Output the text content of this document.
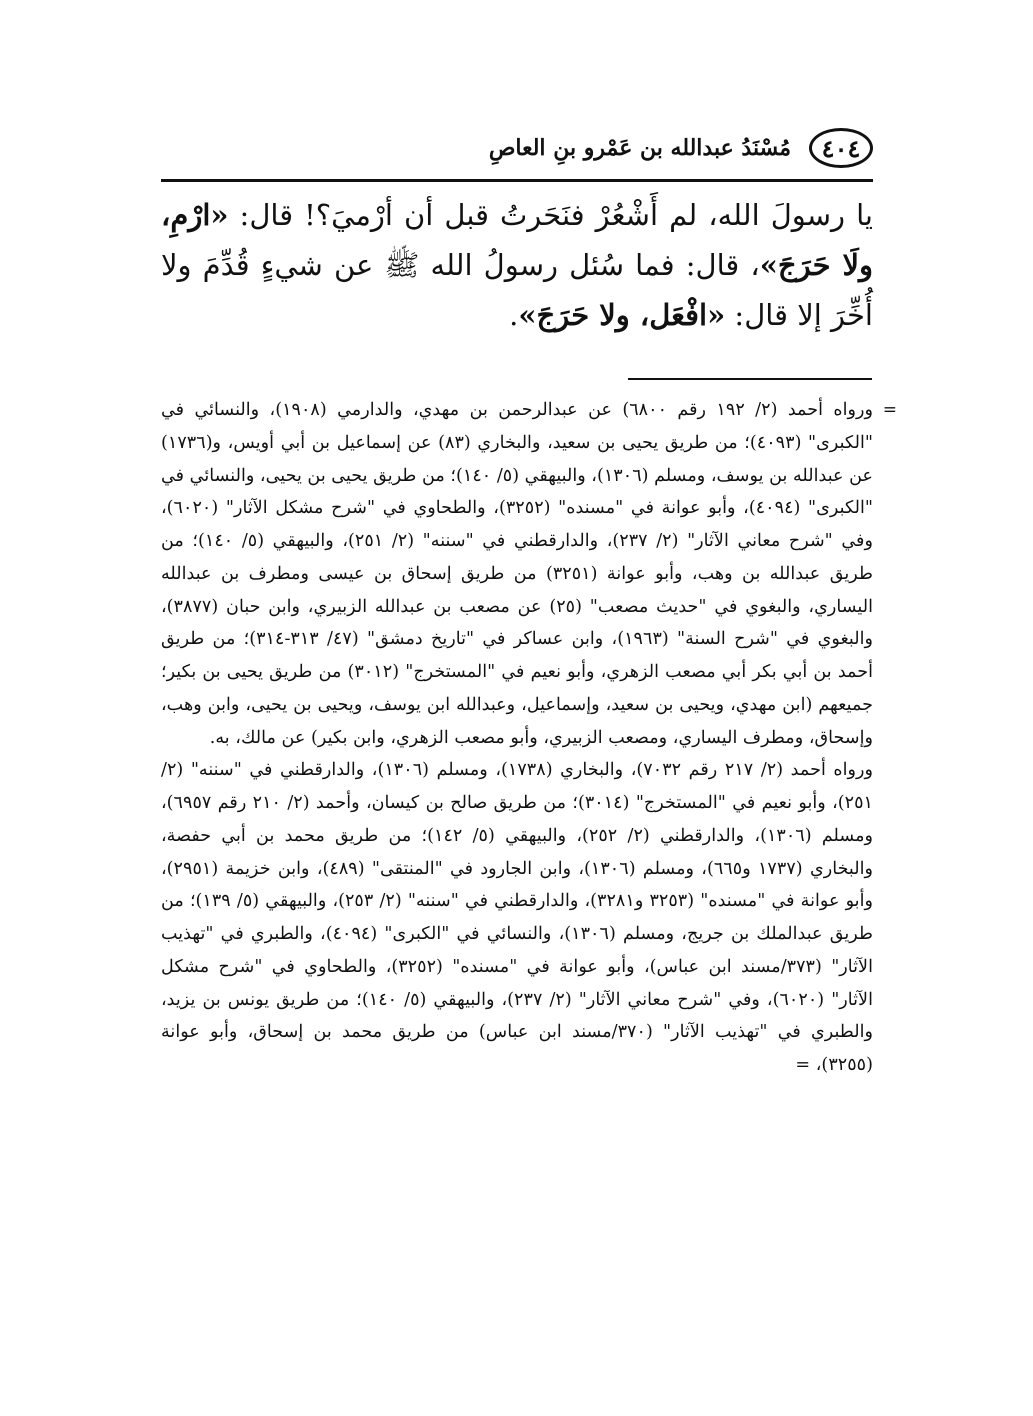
٤٠٤
مُسْنَدُ عبدالله بن عَمْرو بنِ العاصِ

يا رسولَ الله، لم أَشْعُرْ فنَحَرتُ قبل أن أرْميَ؟! قال: «ارْمِ، ولَا حَرَجَ»، قال: فما سُئل رسولُ الله ﷺ عن شيءٍ قُدِّمَ ولا أُخِّرَ إلا قال: «افْعَل، ولا حَرَجَ».

=

ورواه أحمد (٢/ ١٩٢ رقم ٦٨٠٠) عن عبدالرحمن بن مهدي، والدارمي (١٩٠٨)، والنسائي في "الكبرى" (٤٠٩٣)؛ من طريق يحيى بن سعيد، والبخاري (٨٣) عن إسماعيل بن أبي أويس، و(١٧٣٦) عن عبدالله بن يوسف، ومسلم (١٣٠٦)، والبيهقي (٥/ ١٤٠)؛ من طريق يحيى بن يحيى، والنسائي في "الكبرى" (٤٠٩٤)، وأبو عوانة في "مسنده" (٣٢٥٢)، والطحاوي في "شرح مشكل الآثار" (٦٠٢٠)، وفي "شرح معاني الآثار" (٢/ ٢٣٧)، والدارقطني في "سننه" (٢/ ٢٥١)، والبيهقي (٥/ ١٤٠)؛ من طريق عبدالله بن وهب، وأبو عوانة (٣٢٥١) من طريق إسحاق بن عيسى ومطرف بن عبدالله اليساري، والبغوي في "حديث مصعب" (٢٥) عن مصعب بن عبدالله الزبيري، وابن حبان (٣٨٧٧)، والبغوي في "شرح السنة" (١٩٦٣)، وابن عساكر في "تاريخ دمشق" (٤٧/ ٣١٣-٣١٤)؛ من طريق أحمد بن أبي بكر أبي مصعب الزهري، وأبو نعيم في "المستخرج" (٣٠١٢) من طريق يحيى بن بكير؛ جميعهم (ابن مهدي، ويحيى بن سعيد، وإسماعيل، وعبدالله ابن يوسف، ويحيى بن يحيى، وابن وهب، وإسحاق، ومطرف اليساري، ومصعب الزبيري، وأبو مصعب الزهري، وابن بكير) عن مالك، به.

ورواه أحمد (٢/ ٢١٧ رقم ٧٠٣٢)، والبخاري (١٧٣٨)، ومسلم (١٣٠٦)، والدارقطني في "سننه" (٢/ ٢٥١)، وأبو نعيم في "المستخرج" (٣٠١٤)؛ من طريق صالح بن كيسان، وأحمد (٢/ ٢١٠ رقم ٦٩٥٧)، ومسلم (١٣٠٦)، والدارقطني (٢/ ٢٥٢)، والبيهقي (٥/ ١٤٢)؛ من طريق محمد بن أبي حفصة، والبخاري (١٧٣٧ و٦٦٥)، ومسلم (١٣٠٦)، وابن الجارود في "المنتقى" (٤٨٩)، وابن خزيمة (٢٩٥١)، وأبو عوانة في "مسنده" (٣٢٥٣ و٣٢٨١)، والدارقطني في "سننه" (٢/ ٢٥٣)، والبيهقي (٥/ ١٣٩)؛ من طريق عبدالملك بن جريج، ومسلم (١٣٠٦)، والنسائي في "الكبرى" (٤٠٩٤)، والطبري في "تهذيب الآثار" (٣٧٣/مسند ابن عباس)، وأبو عوانة في "مسنده" (٣٢٥٢)، والطحاوي في "شرح مشكل الآثار" (٦٠٢٠)، وفي "شرح معاني الآثار" (٢/ ٢٣٧)، والبيهقي (٥/ ١٤٠)؛ من طريق يونس بن يزيد، والطبري في "تهذيب الآثار" (٣٧٠/مسند ابن عباس) من طريق محمد بن إسحاق، وأبو عوانة (٣٢٥٥)، =
